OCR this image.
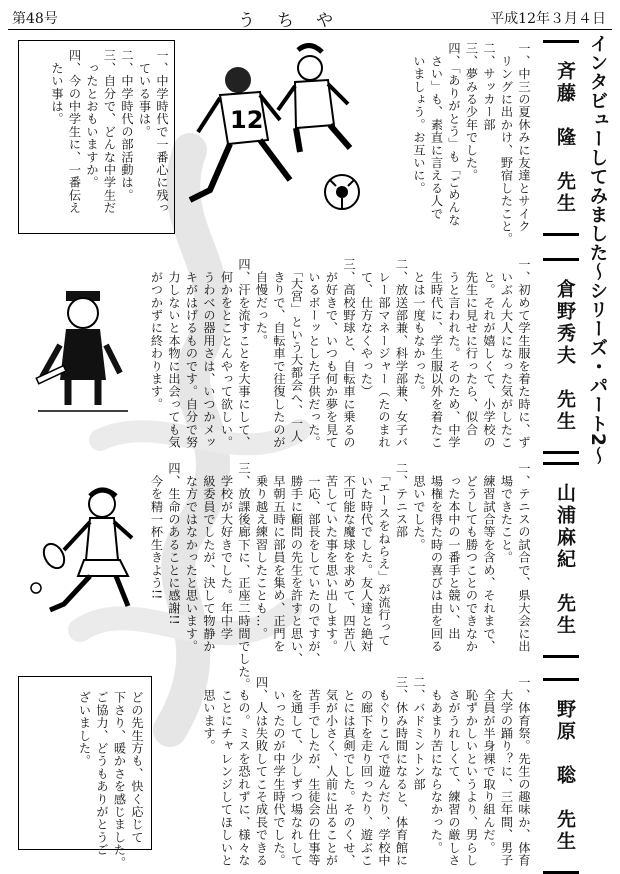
第48号	うちや	平成12年３月４日
インタビューしてみました〜シリーズ・パート2〜
斉藤　隆　先生
一、中三の夏休みに友達とサイク
　リングに出かけ、野宿したこと。
二、サッカー部
三、夢みる少年でした。
四、「ありがとう」も「ごめんな
　さい」も、素直に言える人で
　いましょう。お互いに。
倉野秀夫　先生
一、初めて学生服を着た時に、ず
　いぶん大人になった気がしたこ
　と。それが嬉しくて、小学校の
　先生に見せに行ったら、似合
　うと言われた。そのため、中学
　生時代に、学生服以外を着たこ
　とは一度もなかった。
二、放送部兼、科学部兼、女子バ
　レー部マネージャー（たのまれ
　て、仕方なくやった）
三、高校野球と、自転車に乗るの
　が好きで、いつも何か夢を見て
　いるボーッとした子供だった。
　「大宮」という大都会へ、一人
　きりで、自転車で往復したのが
　自慢だった。
四、汗を流すことを大事にして、
　何かをとことんやって欲しい。
　うわべの器用さは、いつかメッ
　キがはげるものです。自分で努
　力しないと本物に出会っても気
　がつかずに終わります。
山浦麻紀　先生
一、テニスの試合で、県大会に出
　場できたこと。
　練習試合等を含め、それまで、
　どうしても勝つことのできなか
　った本中の一番手と競い、出
　場権を得た時の喜びは由を回る
　思いでした。
二、テニス部
　「エースをねらえ」が流行って
　いた時代でした。友人達と絶対
　不可能な魔球を求めて、四苦八
　苦していた事を思い出します。
　一応、部長をしていたのですが、
　勝手に顧問の先生を許すと思い、
　早朝五時に部員を集め、正門を
　乗り越え練習したことも…。
三、放課後廊下に、正座二時間でした。
　学校が大好きでした。年中学
　級委員でしたが、決して物静か
　な方ではなかったと思います。
四、生命のあることに感謝!!
　今を精一杯生きよう!!
野原　聡　先生
一、体育祭。先生の趣味か、体育
　大学の踊り？に、三年間、男子
　全員が半身裸で取り組んだ。
　恥ずかしいというより、男らし
　さがうれしくて、練習の厳しさ
　もあまり苦にならなかった。
二、バドミントン部
三、休み時間になると、体育館に
　もぐりこんで遊んだり、学校中
　の廊下を走り回ったり、遊ぶこ
　とには真剣でした。そのくせ、
　気が小さく、人前に出ることが
　苦手でしたが、生徒会の仕事等
　を通して、少しずつ場なれして
　いったのが中学生時代でした。
四、人は失敗してこそ成長できる
　もの。ミスを恐れずに、様々な
　ことにチャレンジしてほしいと
　思います。
一、中学時代で一番心に残っ
　ている事は。
二、中学時代の部活動は。
三、自分で、どんな中学生だ
　ったとおもいますか。
四、今の中学生に、一番伝え
　たい事は。
どの先生方も、快く応じて
下さり、暖かさを感じました。
ご協力、どうもありがとうご
ざいました。
12
